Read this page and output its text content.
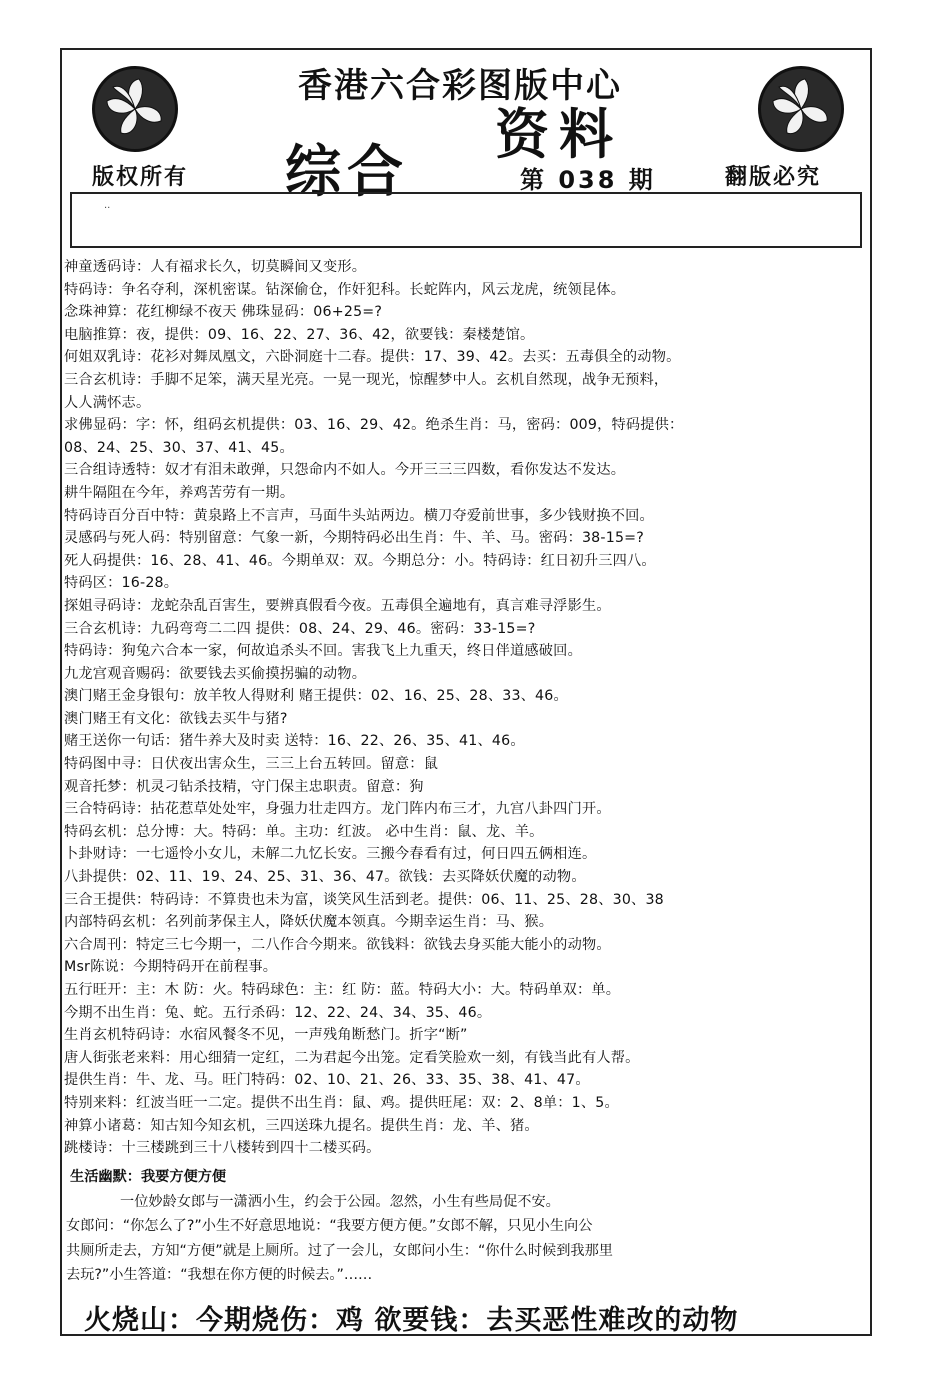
香港六合彩图版中心
版权所有	翻版必究
综合
资料
第 038 期
..
神童透码诗：人有福求长久，切莫瞬间又变形。
特码诗：争名夺利，深机密谋。钻深偷仓，作奸犯科。长蛇阵内，风云龙虎，统领昆体。
念珠神算：花红柳绿不夜天 佛珠显码：06+25=?
电脑推算：夜，提供：09、16、22、27、36、42，欲要钱：秦楼楚馆。
何姐双乳诗：花衫对舞凤凰文，六卧洞庭十二春。提供：17、39、42。去买：五毒俱全的动物。
三合玄机诗：手脚不足笨，满天星光亮。一晃一现光，惊醒梦中人。玄机自然现，战争无预料，
人人满怀志。
求佛显码：字：怀，组码玄机提供：03、16、29、42。绝杀生肖：马，密码：009，特码提供：
08、24、25、30、37、41、45。
三合组诗透特：奴才有泪未敢弹，只怨命内不如人。今开三三三四数，看你发达不发达。
耕牛隔阻在今年，养鸡苦劳有一期。
特码诗百分百中特：黄泉路上不言声，马面牛头站两边。横刀夺爱前世事，多少钱财换不回。
灵感码与死人码：特别留意：气象一新，今期特码必出生肖：牛、羊、马。密码：38-15=?
死人码提供：16、28、41、46。今期单双：双。今期总分：小。特码诗：红日初升三四八。
特码区：16-28。
探姐寻码诗：龙蛇杂乱百害生，要辨真假看今夜。五毒俱全遍地有，真言难寻浮影生。
三合玄机诗：九码弯弯二二四 提供：08、24、29、46。密码：33-15=?
特码诗：狗兔六合本一家，何故追杀头不回。害我飞上九重天，终日伴道感破回。
九龙宫观音赐码：欲要钱去买偷摸拐骗的动物。
澳门赌王金身银句：放羊牧人得财利 赌王提供：02、16、25、28、33、46。
澳门赌王有文化：欲钱去买牛与猪?
赌王送你一句话：猪牛养大及时卖 送特：16、22、26、35、41、46。
特码图中寻：日伏夜出害众生，三三上台五转回。留意：鼠
观音托梦：机灵刁钻杀技精，守门保主忠职责。留意：狗
三合特码诗：拈花惹草处处牢，身强力壮走四方。龙门阵内布三才，九宫八卦四门开。
特码玄机：总分博：大。特码：单。主功：红波。 必中生肖：鼠、龙、羊。
卜卦财诗：一七遥怜小女儿，未解二九忆长安。三搬今春看有过，何日四五俩相连。
八卦提供：02、11、19、24、25、31、36、47。欲钱：去买降妖伏魔的动物。
三合王提供：特码诗：不算贵也未为富，谈笑风生活到老。提供：06、11、25、28、30、38
内部特码玄机：名列前茅保主人，降妖伏魔本领真。今期幸运生肖：马、猴。
六合周刊：特定三七今期一，二八作合今期来。欲钱料：欲钱去身买能大能小的动物。
Msr陈说：今期特码开在前程事。
五行旺开：主：木 防：火。特码球色：主：红 防：蓝。特码大小：大。特码单双：单。
今期不出生肖：兔、蛇。五行杀码：12、22、24、34、35、46。
生肖玄机特码诗：水宿风餐冬不见，一声残角断愁门。折字“断”
唐人街张老来料：用心细猜一定红，二为君起今出笼。定看笑脸欢一刻，有钱当此有人帮。
提供生肖：牛、龙、马。旺门特码：02、10、21、26、33、35、38、41、47。
特别来料：红波当旺一二定。提供不出生肖：鼠、鸡。提供旺尾：双：2、8单：1、5。
神算小诸葛：知古知今知玄机，三四送珠九提名。提供生肖：龙、羊、猪。
跳楼诗：十三楼跳到三十八楼转到四十二楼买码。
生活幽默：我要方便方便
一位妙龄女郎与一潇洒小生，约会于公园。忽然，小生有些局促不安。
女郎问：“你怎么了?”小生不好意思地说：“我要方便方便。”女郎不解，只见小生向公
共厕所走去，方知“方便”就是上厕所。过了一会儿，女郎问小生：“你什么时候到我那里
去玩?”小生答道：“我想在你方便的时候去。”……
火烧山：今期烧伤：鸡 欲要钱：去买恶性难改的动物
